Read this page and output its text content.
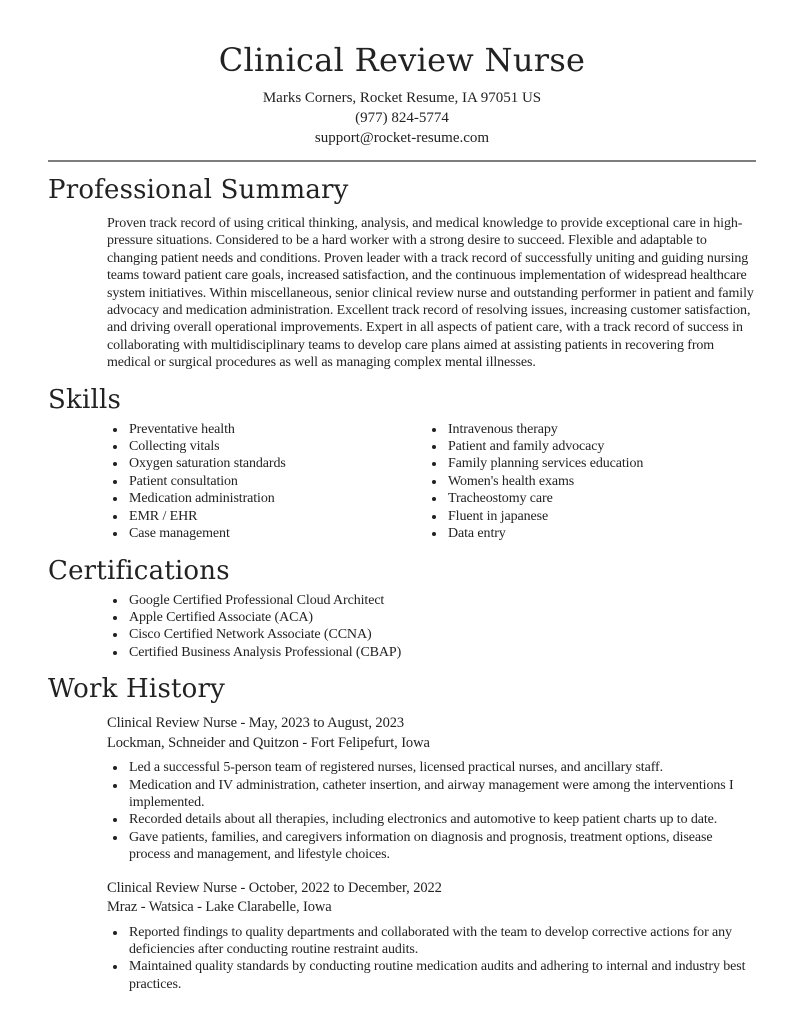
Clinical Review Nurse
Marks Corners, Rocket Resume, IA 97051 US
(977) 824-5774
support@rocket-resume.com
Professional Summary

Proven track record of using critical thinking, analysis, and medical knowledge to provide exceptional care in high-pressure situations. Considered to be a hard worker with a strong desire to succeed. Flexible and adaptable to changing patient needs and conditions. Proven leader with a track record of successfully uniting and guiding nursing teams toward patient care goals, increased satisfaction, and the continuous implementation of widespread healthcare system initiatives. Within miscellaneous, senior clinical review nurse and outstanding performer in patient and family advocacy and medication administration. Excellent track record of resolving issues, increasing customer satisfaction, and driving overall operational improvements. Expert in all aspects of patient care, with a track record of success in collaborating with multidisciplinary teams to develop care plans aimed at assisting patients in recovering from medical or surgical procedures as well as managing complex mental illnesses.

Skills
• Preventative health
• Collecting vitals
• Oxygen saturation standards
• Patient consultation
• Medication administration
• EMR / EHR
• Case management
• Intravenous therapy
• Patient and family advocacy
• Family planning services education
• Women's health exams
• Tracheostomy care
• Fluent in japanese
• Data entry
Certifications
• Google Certified Professional Cloud Architect
• Apple Certified Associate (ACA)
• Cisco Certified Network Associate (CCNA)
• Certified Business Analysis Professional (CBAP)
Work History
Clinical Review Nurse - May, 2023 to August, 2023
Lockman, Schneider and Quitzon - Fort Felipefurt, Iowa
• Led a successful 5-person team of registered nurses, licensed practical nurses, and ancillary staff.
• Medication and IV administration, catheter insertion, and airway management were among the interventions I implemented.
• Recorded details about all therapies, including electronics and automotive to keep patient charts up to date.
• Gave patients, families, and caregivers information on diagnosis and prognosis, treatment options, disease process and management, and lifestyle choices.
Clinical Review Nurse - October, 2022 to December, 2022
Mraz - Watsica - Lake Clarabelle, Iowa
• Reported findings to quality departments and collaborated with the team to develop corrective actions for any deficiencies after conducting routine restraint audits.
• Maintained quality standards by conducting routine medication audits and adhering to internal and industry best practices.
